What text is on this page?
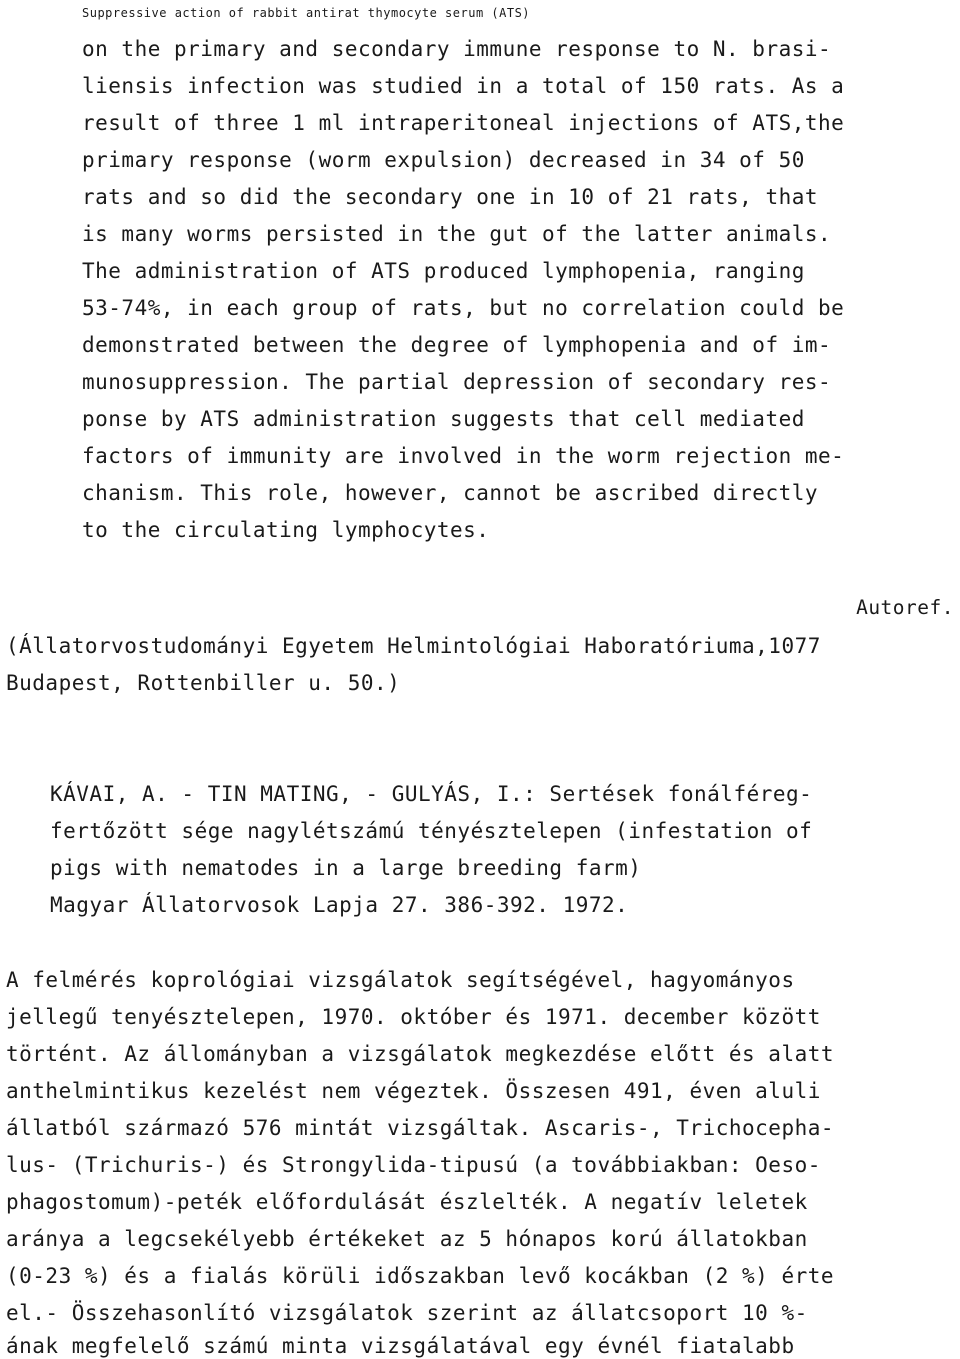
Suppressive action of rabbit antirat thymocyte serum (ATS)
on the primary and secondary immune response to N. brasi-
liensis infection was studied in a total of 150 rats. As a
result of three 1 ml intraperitoneal injections of ATS,the
primary response (worm expulsion) decreased in 34 of 50
rats and so did the secondary one in 10 of 21 rats, that
is many worms persisted in the gut of the latter animals.
The administration of ATS produced lymphopenia, ranging
53-74%, in each group of rats, but no correlation could be
demonstrated between the degree of lymphopenia and of im-
munosuppression. The partial depression of secondary res-
ponse by ATS administration suggests that cell mediated
factors of immunity are involved in the worm rejection me-
chanism. This role, however, cannot be ascribed directly
to the circulating lymphocytes.
Autoref.
(Állatorvostudományi Egyetem Helmintológiai Haboratóriuma,1077
Budapest, Rottenbiller u. 50.)
KÁVAI, A. - TIN MATING, - GULYÁS, I.: Sertések fonálféreg-
fertőzött sége nagylétszámú tényésztelepen (infestation of
pigs with nematodes in a large breeding farm)
Magyar Állatorvosok Lapja 27. 386-392. 1972.
A felmérés koprológiai vizsgálatok segítségével, hagyományos
jellegű tenyésztelepen, 1970. október és 1971. december között
történt. Az állományban a vizsgálatok megkezdése előtt és alatt
anthelmintikus kezelést nem végeztek. Összesen 491, éven aluli
állatból származó 576 mintát vizsgáltak. Ascaris-, Trichocepha-
lus- (Trichuris-) és Strongylida-tipusú (a továbbiakban: Oeso-
phagostomum)-peték előfordulását észlelték. A negatív leletek
aránya a legcsekélyebb értékeket az 5 hónapos korú állatokban
(0-23 %) és a fialás körüli időszakban levő kocákban (2 %) érte
el.- Összehasonlító vizsgálatok szerint az állatcsoport 10 %-
ának megfelelő számú minta vizsgálatával egy évnél fiatalabb
